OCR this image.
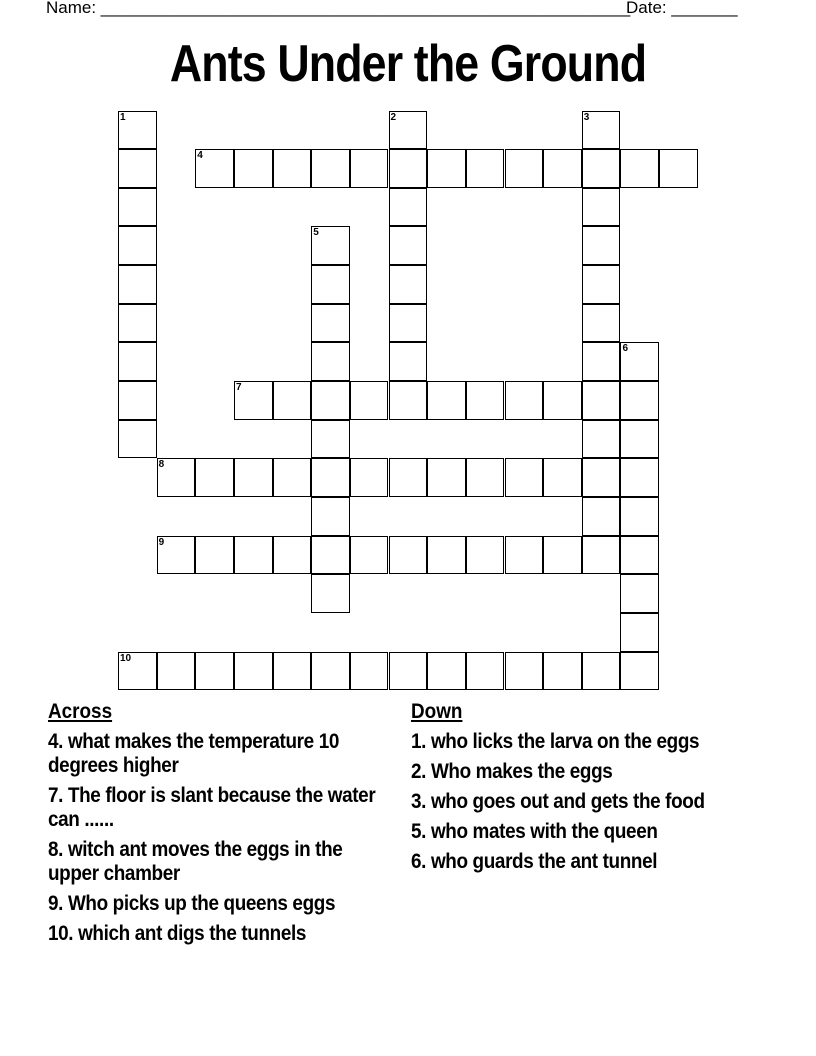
Name: ________________________________________________________
Date: _______
Ants Under the Ground
1	2	3
4
5
6
7
8
9
10
Across
4. what makes the temperature 10 degrees higher
7. The floor is slant because the water can ......
8. witch ant moves the eggs in the upper chamber
9. Who picks up the queens eggs
10. which ant digs the tunnels
Down
1. who licks the larva on the eggs
2. Who makes the eggs
3. who goes out and gets the food
5. who mates with the queen
6. who guards the ant tunnel
